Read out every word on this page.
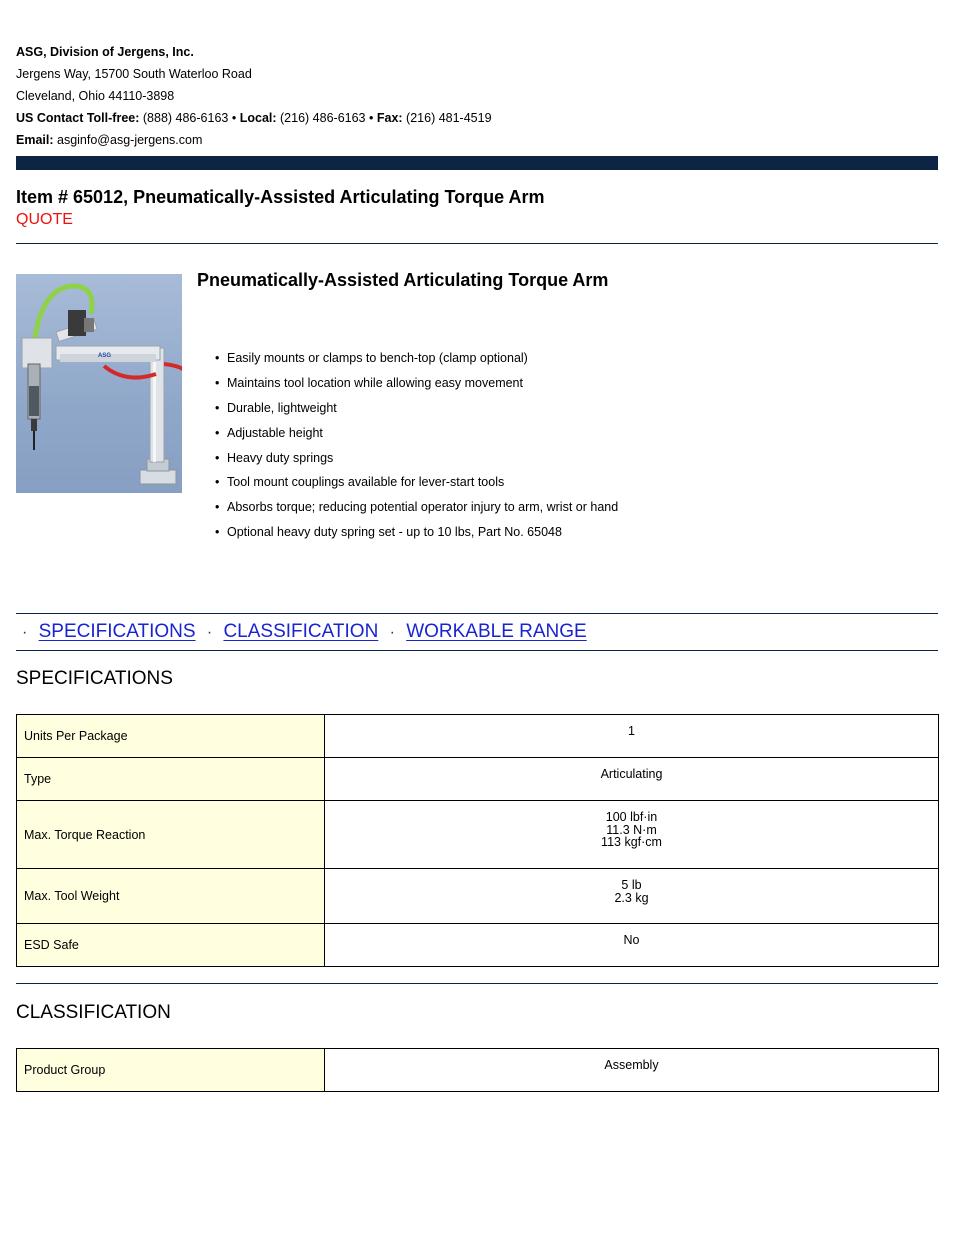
ASG, Division of Jergens, Inc.
Jergens Way, 15700 South Waterloo Road
Cleveland, Ohio 44110-3898
US Contact Toll-free: (888) 486-6163 • Local: (216) 486-6163 • Fax: (216) 481-4519
Email: asginfo@asg-jergens.com
Item # 65012, Pneumatically-Assisted Articulating Torque Arm
QUOTE
ASG
Pneumatically-Assisted Articulating Torque Arm
• Easily mounts or clamps to bench-top (clamp optional)
• Maintains tool location while allowing easy movement
• Durable, lightweight
• Adjustable height
• Heavy duty springs
• Tool mount couplings available for lever-start tools
• Absorbs torque; reducing potential operator injury to arm, wrist or hand
• Optional heavy duty spring set - up to 10 lbs, Part No. 65048
· SPECIFICATIONS · CLASSIFICATION · WORKABLE RANGE
SPECIFICATIONS
Units Per Package	1

Type	Articulating

Max. Torque Reaction	100 lbf·in
11.3 N·m
113 kgf·cm

Max. Tool Weight	5 lb
2.3 kg

ESD Safe	No
CLASSIFICATION
Product Group	Assembly
